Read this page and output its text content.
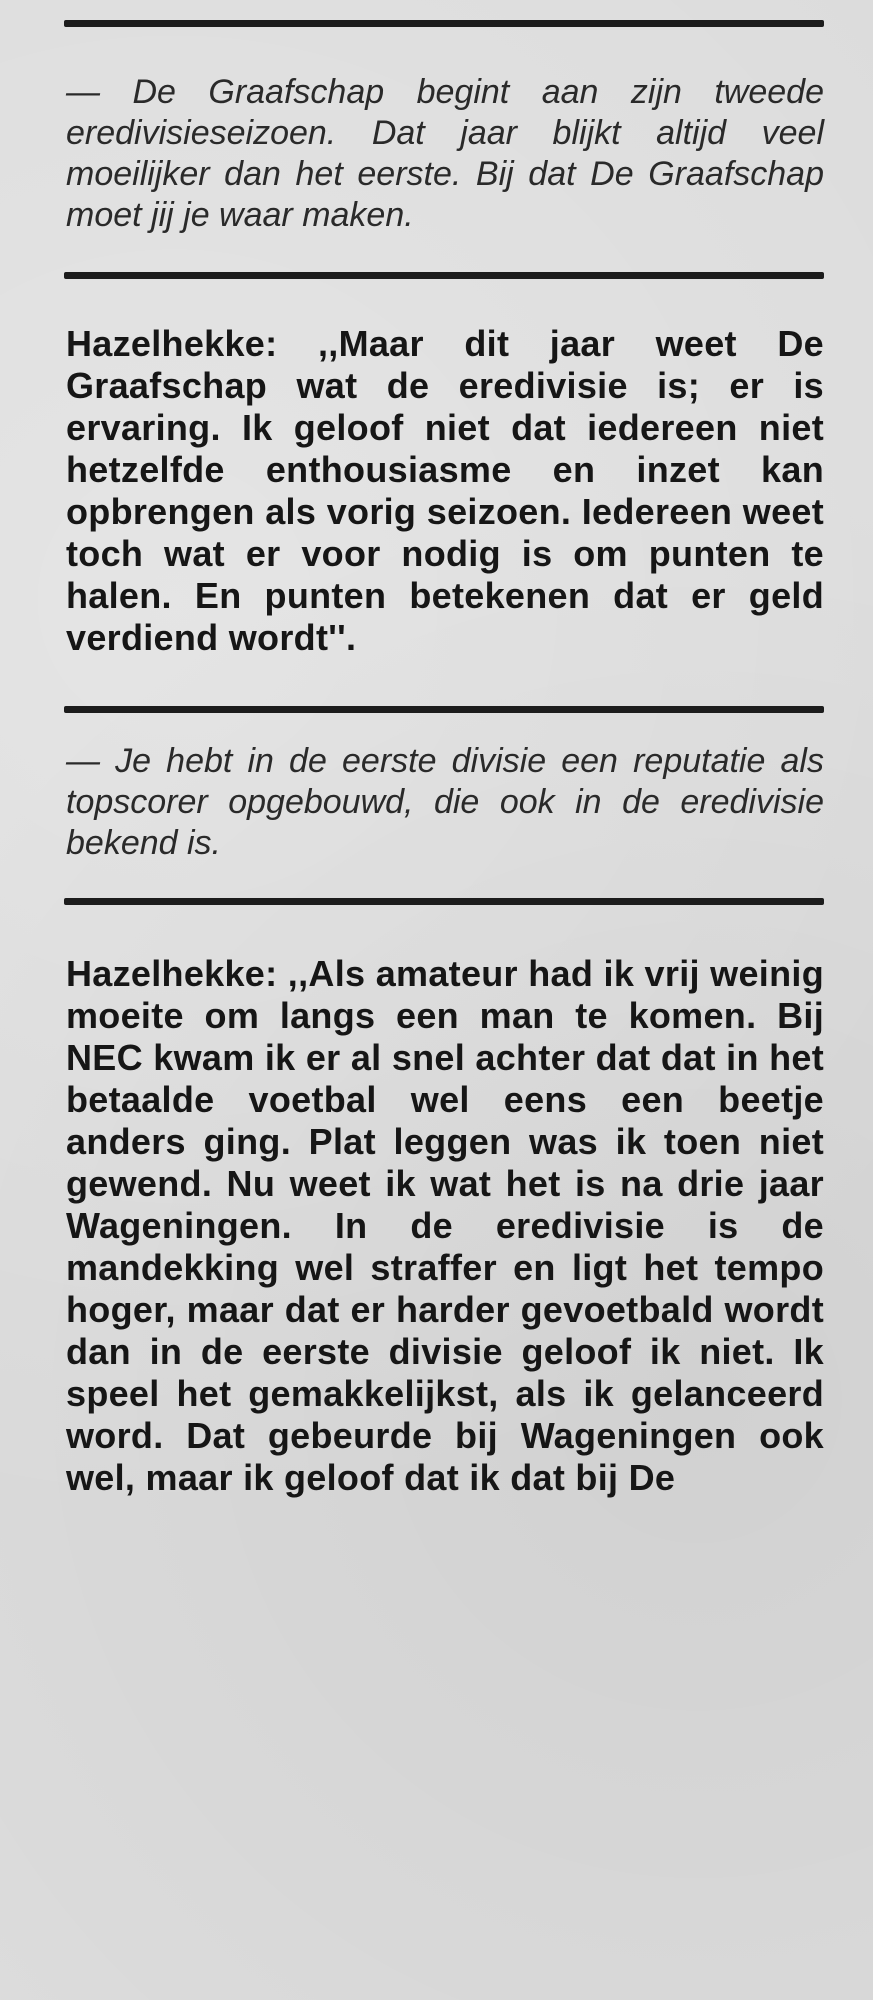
— De Graafschap begint aan zijn tweede eredivisieseizoen. Dat jaar blijkt altijd veel moeilijker dan het eerste. Bij dat De Graafschap moet jij je waar maken.

Hazelhekke: ,,Maar dit jaar weet De Graafschap wat de eredivisie is; er is ervaring. Ik geloof niet dat iedereen niet hetzelfde enthousiasme en inzet kan opbrengen als vorig seizoen. Iedereen weet toch wat er voor nodig is om punten te halen. En punten betekenen dat er geld verdiend wordt''.

— Je hebt in de eerste divisie een reputatie als topscorer opgebouwd, die ook in de eredivisie bekend is.

Hazelhekke: ,,Als amateur had ik vrij weinig moeite om langs een man te komen. Bij NEC kwam ik er al snel achter dat dat in het betaalde voetbal wel eens een beetje anders ging. Plat leggen was ik toen niet gewend. Nu weet ik wat het is na drie jaar Wageningen. In de eredivisie is de mandekking wel straffer en ligt het tempo hoger, maar dat er harder gevoetbald wordt dan in de eerste divisie geloof ik niet. Ik speel het gemakkelijkst, als ik gelanceerd word. Dat gebeurde bij Wageningen ook wel, maar ik geloof dat ik dat bij De
